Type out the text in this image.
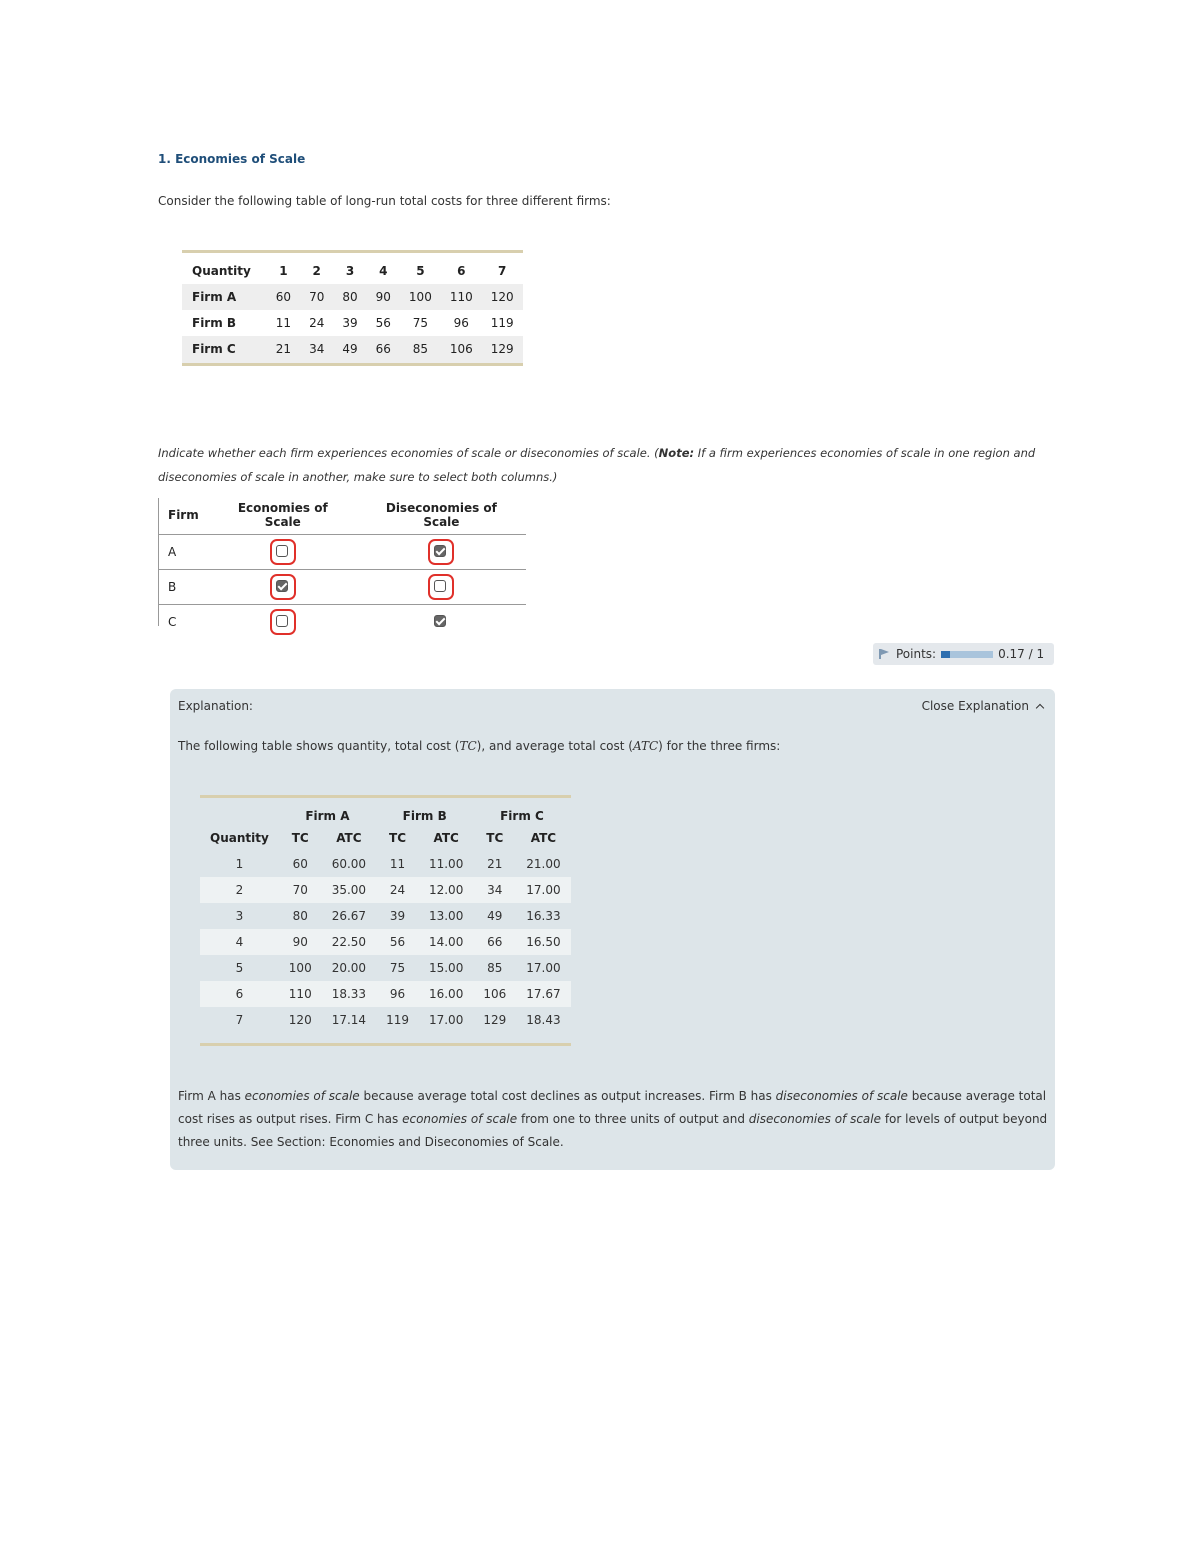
1. Economies of Scale
Consider the following table of long-run total costs for three different firms:
Quantity	1	2	3	4	5	6	7
Firm A	60	70	80	90	100	110	120
Firm B	11	24	39	56	75	96	119
Firm C	21	34	49	66	85	106	129
Indicate whether each firm experiences economies of scale or diseconomies of scale. (Note: If a firm experiences economies of scale in one region and diseconomies of scale in another, make sure to select both columns.)
Firm	Economies of Scale	Diseconomies of Scale
A	

B	

C	

Points:	0.17 / 1
Explanation:	Close Explanation
The following table shows quantity, total cost (TC), and average total cost (ATC) for the three firms:
	Firm A		Firm B		Firm C	
Quantity	TC	ATC	TC	ATC	TC	ATC
1	60	60.00	11	11.00	21	21.00
2	70	35.00	24	12.00	34	17.00
3	80	26.67	39	13.00	49	16.33
4	90	22.50	56	14.00	66	16.50
5	100	20.00	75	15.00	85	17.00
6	110	18.33	96	16.00	106	17.67
7	120	17.14	119	17.00	129	18.43
Firm A has economies of scale because average total cost declines as output increases. Firm B has diseconomies of scale because average total cost rises as output rises. Firm C has economies of scale from one to three units of output and diseconomies of scale for levels of output beyond three units. See Section: Economies and Diseconomies of Scale.
